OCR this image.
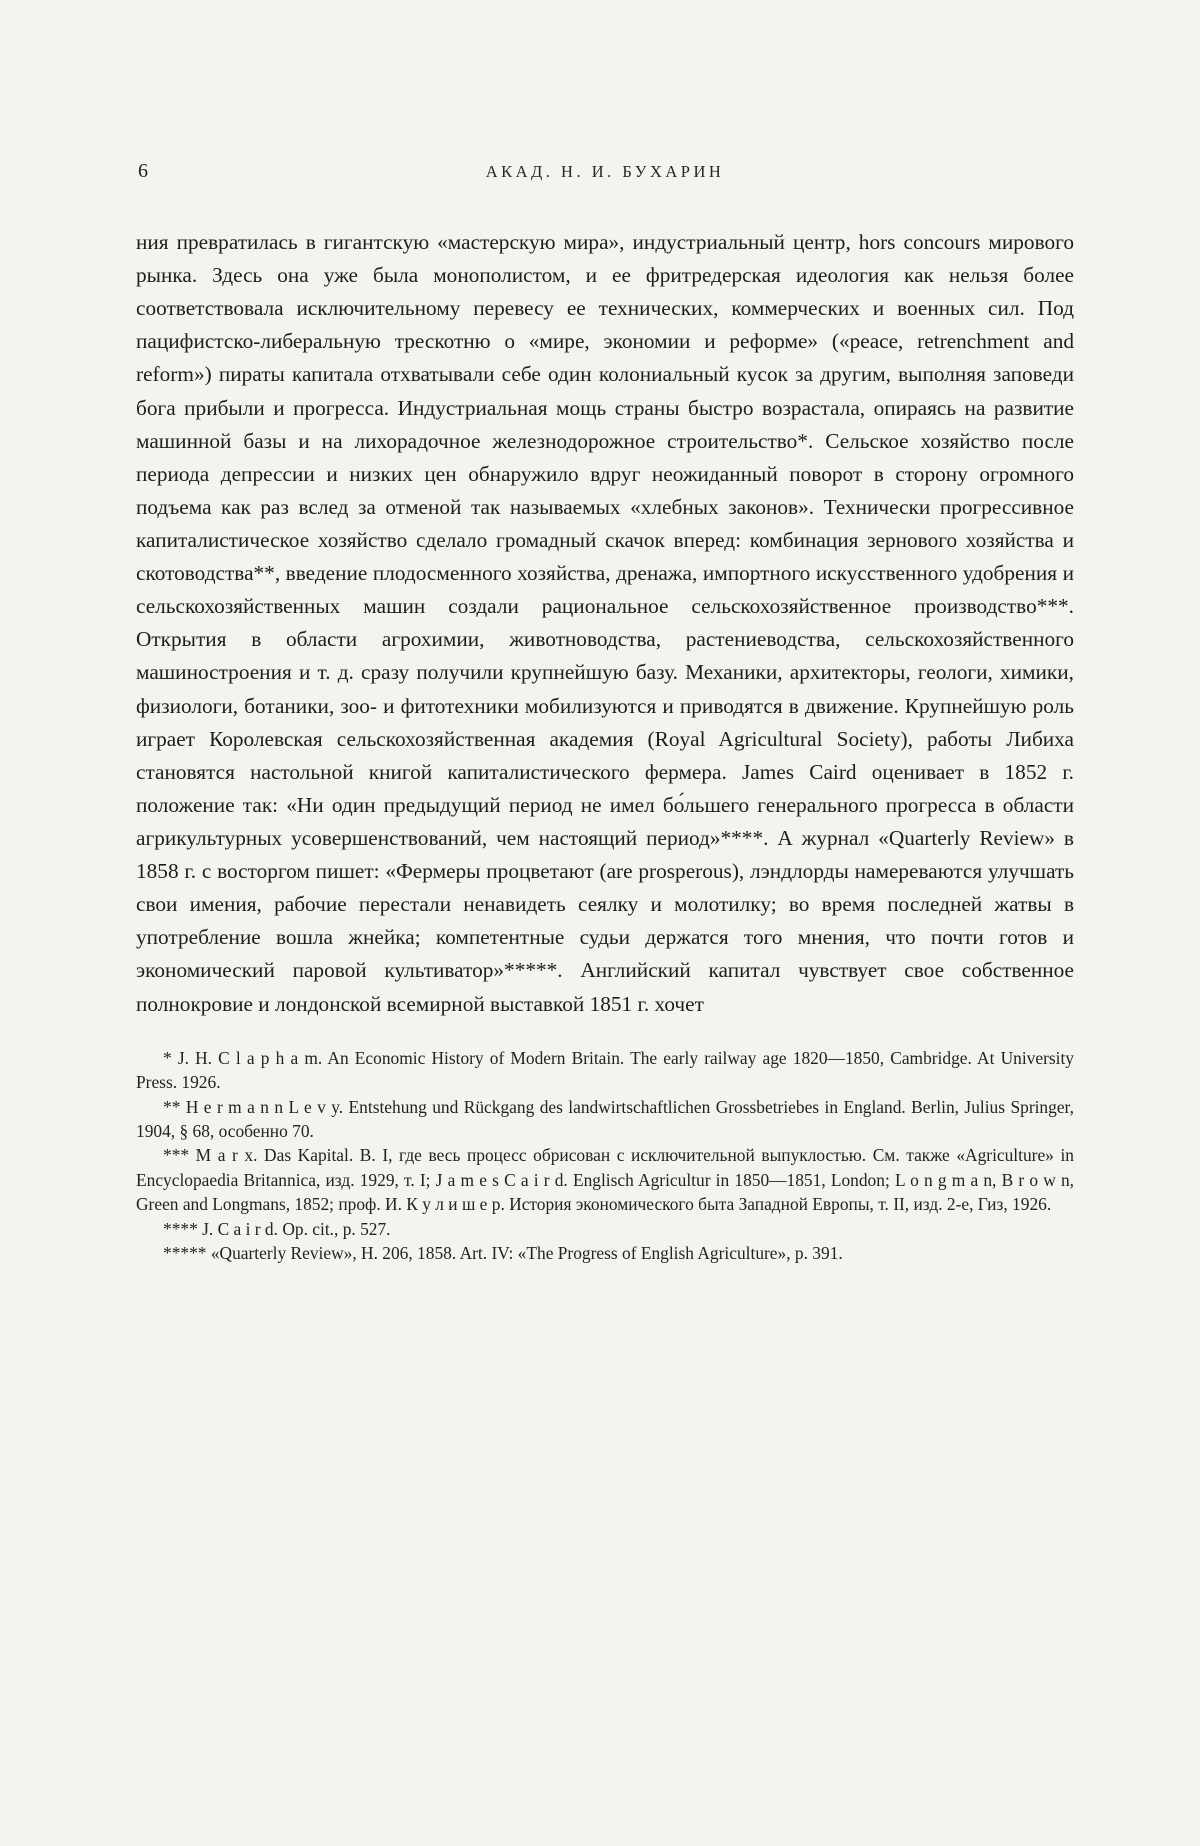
6	АКАД. Н. И. БУХАРИН

ния превратилась в гигантскую «мастерскую мира», индустриальный центр, hors concours мирового рынка. Здесь она уже была монополистом, и ее фритредерская идеология как нельзя более соответствовала исключительному перевесу ее технических, коммерческих и военных сил. Под пацифистско-либеральную трескотню о «мире, экономии и реформе» («peace, retrenchment and reform») пираты капитала отхватывали себе один колониальный кусок за другим, выполняя заповеди бога прибыли и прогресса. Индустриальная мощь страны быстро возрастала, опираясь на развитие машинной базы и на лихорадочное железнодорожное строительство*. Сельское хозяйство после периода депрессии и низких цен обнаружило вдруг неожиданный поворот в сторону огромного подъема как раз вслед за отменой так называемых «хлебных законов». Технически прогрессивное капиталистическое хозяйство сделало громадный скачок вперед: комбинация зернового хозяйства и скотоводства**, введение плодосменного хозяйства, дренажа, импортного искусственного удобрения и сельскохозяйственных машин создали рациональное сельскохозяйственное производство***. Открытия в области агрохимии, животноводства, растениеводства, сельскохозяйственного машиностроения и т. д. сразу получили крупнейшую базу. Механики, архитекторы, геологи, химики, физиологи, ботаники, зоо- и фитотехники мобилизуются и приводятся в движение. Крупнейшую роль играет Королевская сельскохозяйственная академия (Royal Agricultural Society), работы Либиха становятся настольной книгой капиталистического фермера. James Caird оценивает в 1852 г. положение так: «Ни один предыдущий период не имел бо́льшего генерального прогресса в области агрикультурных усовершенствований, чем настоящий период»****. А журнал «Quarterly Review» в 1858 г. с восторгом пишет: «Фермеры процветают (are prosperous), лэндлорды намереваются улучшать свои имения, рабочие перестали ненавидеть сеялку и молотилку; во время последней жатвы в употребление вошла жнейка; компетентные судьи держатся того мнения, что почти готов и экономический паровой культиватор»*****. Английский капитал чувствует свое собственное полнокровие и лондонской всемирной выставкой 1851 г. хочет

* J. H. C l a p h a m. An Economic History of Modern Britain. The early railway age 1820—1850, Cambridge. At University Press. 1926.

** H e r m a n n L e v y. Entstehung und Rückgang des landwirtschaftlichen Grossbetriebes in England. Berlin, Julius Springer, 1904, § 68, особенно 70.

*** M a r x. Das Kapital. B. I, где весь процесс обрисован с исключительной выпуклостью. См. также «Agriculture» in Encyclopaedia Britannica, изд. 1929, т. I; J a m e s C a i r d. Englisch Agricultur in 1850—1851, London; L o n g m a n, B r o w n, Green and Longmans, 1852; проф. И. К у л и ш е р. История экономического быта Западной Европы, т. II, изд. 2-е, Гиз, 1926.

**** J. C a i r d. Op. cit., p. 527.

***** «Quarterly Review», H. 206, 1858. Art. IV: «The Progress of English Agriculture», p. 391.
